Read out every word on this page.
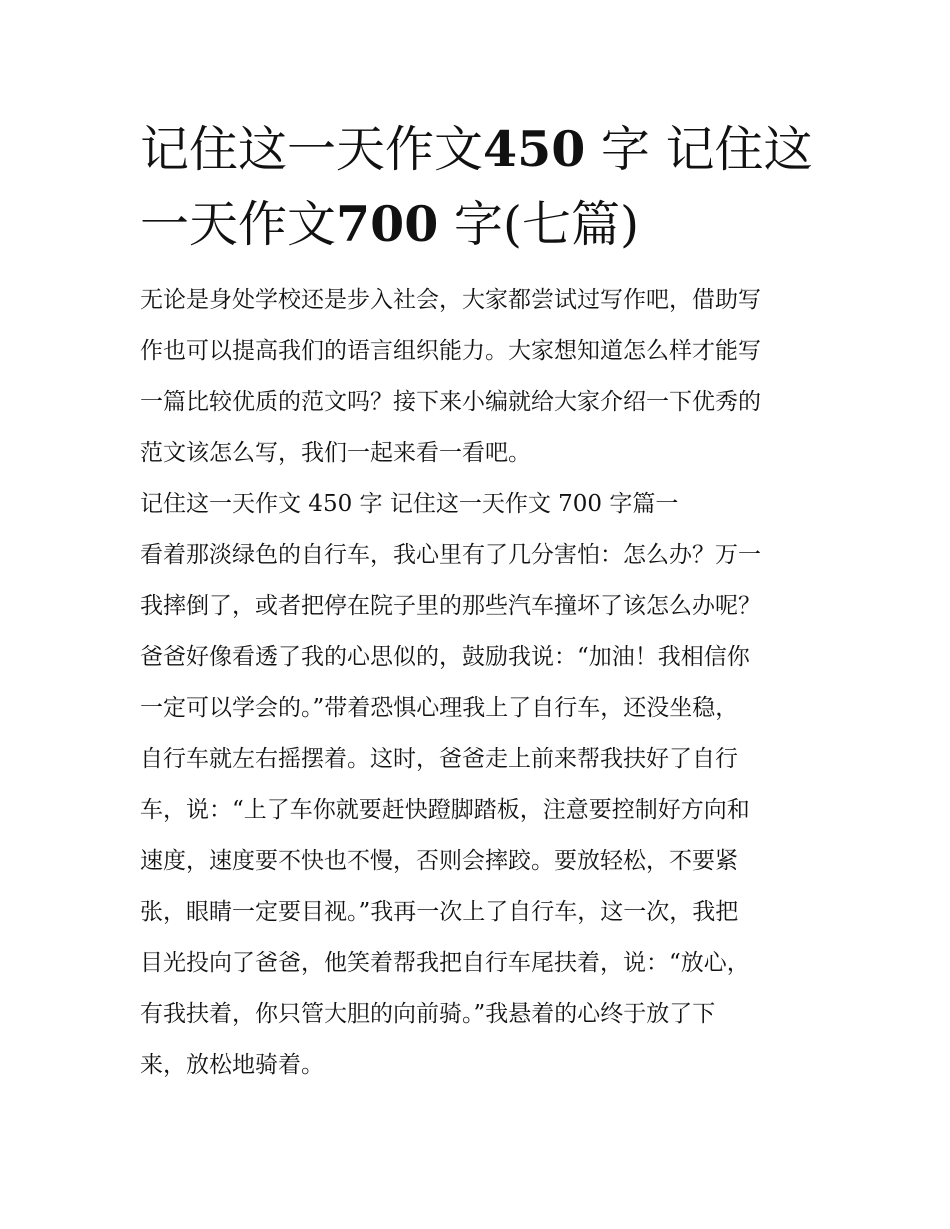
记住这一天作文450 字 记住这
一天作文700 字(七篇)

无论是身处学校还是步入社会，大家都尝试过写作吧，借助写

作也可以提高我们的语言组织能力。大家想知道怎么样才能写

一篇比较优质的范文吗？接下来小编就给大家介绍一下优秀的

范文该怎么写，我们一起来看一看吧。

记住这一天作文 450 字 记住这一天作文 700 字篇一

看着那淡绿色的自行车，我心里有了几分害怕：怎么办？万一

我摔倒了，或者把停在院子里的那些汽车撞坏了该怎么办呢？

爸爸好像看透了我的心思似的，鼓励我说：“加油！我相信你

一定可以学会的。”带着恐惧心理我上了自行车，还没坐稳，

自行车就左右摇摆着。这时，爸爸走上前来帮我扶好了自行

车，说：“上了车你就要赶快蹬脚踏板，注意要控制好方向和

速度，速度要不快也不慢，否则会摔跤。要放轻松，不要紧

张，眼睛一定要目视。”我再一次上了自行车，这一次，我把

目光投向了爸爸，他笑着帮我把自行车尾扶着，说：“放心，

有我扶着，你只管大胆的向前骑。”我悬着的心终于放了下

来，放松地骑着。
